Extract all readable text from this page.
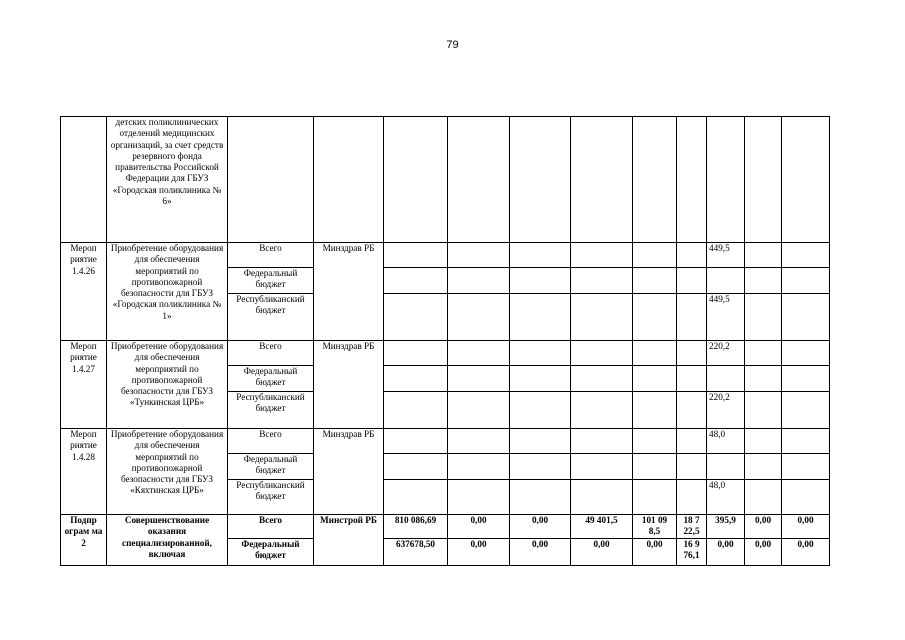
79
	детских поликлинических отделений медицинских организаций, за счет средств резервного фонда правительства Российской Федерации для ГБУЗ «Городская поликлиника № 6»											
Мероп риятие 1.4.26	Приобретение оборудования для обеспечения мероприятий по противопожарной безопасности для ГБУЗ «Городская поликлиника № 1»	Всего	Минздрав РБ							449,5		
		Федеральный бюджет										
		Республиканский бюджет								449,5		
Мероп риятие 1.4.27	Приобретение оборудования для обеспечения мероприятий по противопожарной безопасности для ГБУЗ «Тункинская ЦРБ»	Всего	Минздрав РБ							220,2		
		Федеральный бюджет										
		Республиканский бюджет								220,2		
Мероп риятие 1.4.28	Приобретение оборудования для обеспечения мероприятий по противопожарной безопасности для ГБУЗ «Кяхтинская ЦРБ»	Всего	Минздрав РБ							48,0		
		Федеральный бюджет										
		Республиканский бюджет								48,0		
Подпр ограм ма 2	Совершенствование оказания специализированной, включая	Всего	Минстрой РБ	810 086,69	0,00	0,00	49 401,5	101 09 8,5	18 7 22,5	395,9	0,00	0,00
		Федеральный бюджет		637678,50	0,00	0,00	0,00	0,00	16 9 76,1	0,00	0,00	0,00
